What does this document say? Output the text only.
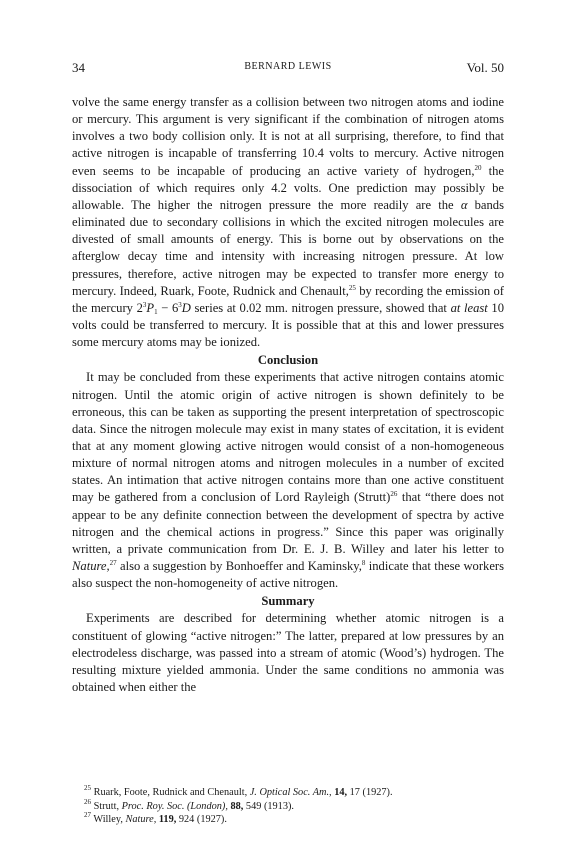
34	BERNARD LEWIS	Vol. 50

volve the same energy transfer as a collision between two nitrogen atoms and iodine or mercury. This argument is very significant if the combination of nitrogen atoms involves a two body collision only. It is not at all surprising, therefore, to find that active nitrogen is incapable of transferring 10.4 volts to mercury. Active nitrogen even seems to be incapable of producing an active variety of hydrogen,$^{20}$ the dissociation of which requires only 4.2 volts. One prediction may possibly be allowable. The higher the nitrogen pressure the more readily are the α bands eliminated due to secondary collisions in which the excited nitrogen molecules are divested of small amounts of energy. This is borne out by observations on the afterglow decay time and intensity with increasing nitrogen pressure. At low pressures, therefore, active nitrogen may be expected to transfer more energy to mercury. Indeed, Ruark, Foote, Rudnick and Chenault,$^{25}$ by recording the emission of the mercury $2^3P_1 - 6^3D$ series at 0.02 mm. nitrogen pressure, showed that at least 10 volts could be transferred to mercury. It is possible that at this and lower pressures some mercury atoms may be ionized.

Conclusion

It may be concluded from these experiments that active nitrogen contains atomic nitrogen. Until the atomic origin of active nitrogen is shown definitely to be erroneous, this can be taken as supporting the present interpretation of spectroscopic data. Since the nitrogen molecule may exist in many states of excitation, it is evident that at any moment glowing active nitrogen would consist of a non-homogeneous mixture of normal nitrogen atoms and nitrogen molecules in a number of excited states. An intimation that active nitrogen contains more than one active constituent may be gathered from a conclusion of Lord Rayleigh (Strutt)$^{26}$ that “there does not appear to be any definite connection between the development of spectra by active nitrogen and the chemical actions in progress.” Since this paper was originally written, a private communication from Dr. E. J. B. Willey and later his letter to Nature,$^{27}$ also a suggestion by Bonhoeffer and Kaminsky,$^8$ indicate that these workers also suspect the non-homogeneity of active nitrogen.

Summary

Experiments are described for determining whether atomic nitrogen is a constituent of glowing “active nitrogen:” The latter, prepared at low pressures by an electrodeless discharge, was passed into a stream of atomic (Wood’s) hydrogen. The resulting mixture yielded ammonia. Under the same conditions no ammonia was obtained when either the

$^{25}$ Ruark, Foote, Rudnick and Chenault, J. Optical Soc. Am., 14, 17 (1927).
$^{26}$ Strutt, Proc. Roy. Soc. (London), 88, 549 (1913).
$^{27}$ Willey, Nature, 119, 924 (1927).
